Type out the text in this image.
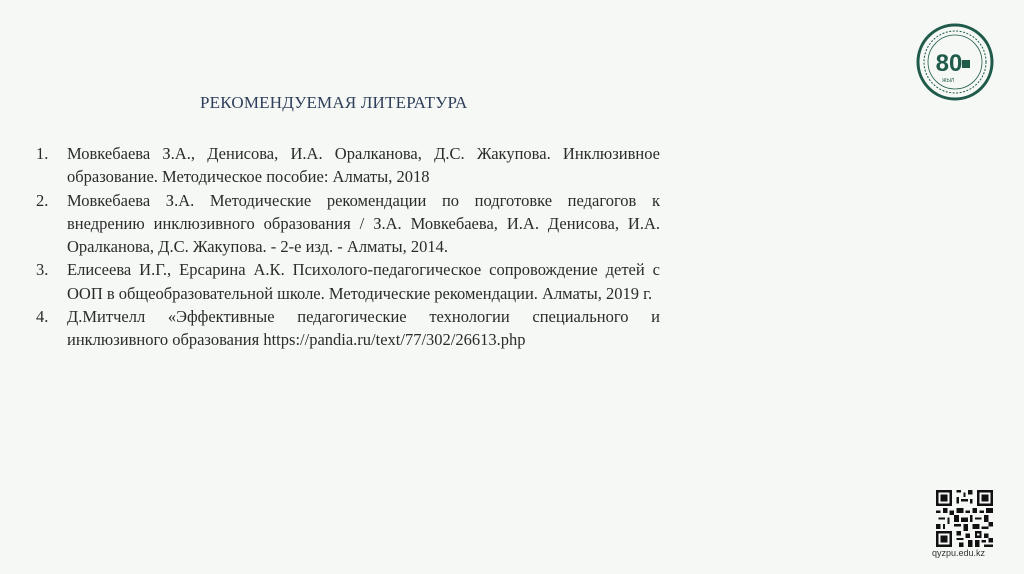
РЕКОМЕНДУЕМАЯ ЛИТЕРАТУРА
1. Мовкебаева З.А., Денисова, И.А. Оралканова, Д.С. Жакупова. Инклюзивное образование. Методическое пособие: Алматы, 2018
2. Мовкебаева З.А. Методические рекомендации по подготовке педагогов к внедрению инклюзивного образования / З.А. Мовкебаева, И.А. Денисова, И.А. Оралканова, Д.С. Жакупова. - 2-е изд. - Алматы, 2014.
3. Елисеева И.Г., Ерсарина А.К. Психолого-педагогическое сопровождение детей с ООП в общеобразовательной школе. Методические рекомендации. Алматы, 2019 г.
4. Д.Митчелл «Эффективные педагогические технологии специального и инклюзивного образования https://pandia.ru/text/77/302/26613.php
80
ЖЫЛ
qyzpu.edu.kz
